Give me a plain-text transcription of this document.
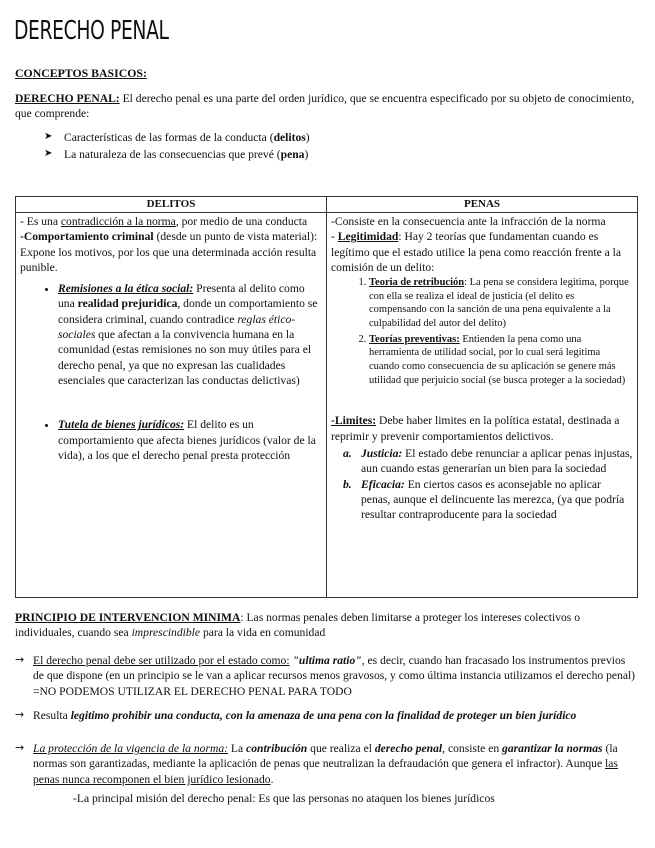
DERECHO PENAL
CONCEPTOS BASICOS:
DERECHO PENAL: El derecho penal es una parte del orden jurídico, que se encuentra especificado por su objeto de conocimiento, que comprende:
➤ Características de las formas de la conducta (delitos)
➤ La naturaleza de las consecuencias que prevé (pena)
DELITOS

- Es una contradicción a la norma, por medio de una conducta

-Comportamiento criminal (desde un punto de vista material): Expone los motivos, por los que una determinada acción resulta punible.

• Remisiones a la ética social: Presenta al delito como una realidad prejuridica, donde un comportamiento se considera criminal, cuando contradice reglas ético-sociales que afectan a la convivencia humana en la comunidad (estas remisiones no son muy útiles para el derecho penal, ya que no expresan las cualidades esenciales que caracterizan las conductas delictivas)
• Tutela de bienes jurídicos: El delito es un comportamiento que afecta bienes jurídicos (valor de la vida), a los que el derecho penal presta protección
PENAS

-Consiste en la consecuencia ante la infracción de la norma

- Legitimidad: Hay 2 teorías que fundamentan cuando es legítimo que el estado utilice la pena como reacción frente a la comisión de un delito:

1. Teoria de retribución: La pena se considera legitima, porque con ella se realiza el ideal de justicia (el delito es compensando con la sanción de una pena equivalente a la culpabilidad del autor del delito)
2. Teorías preventivas: Entienden la pena como una herramienta de utilidad social, por lo cual será legitima cuando como consecuencia de su aplicación se genere más utilidad que perjuicio social (se busca proteger a la sociedad)

-Limites: Debe haber limites en la política estatal, destinada a reprimir y prevenir comportamientos delictivos.

a. Justicia: El estado debe renunciar a aplicar penas injustas, aun cuando estas generarían un bien para la sociedad
b. Eficacia: En ciertos casos es aconsejable no aplicar penas, aunque el delincuente las merezca, (ya que podría resultar contraproducente para la sociedad
PRINCIPIO DE INTERVENCION MINIMA: Las normas penales deben limitarse a proteger los intereses colectivos o individuales, cuando sea imprescindible para la vida en comunidad
→ El derecho penal debe ser utilizado por el estado como: "ultima ratio", es decir, cuando han fracasado los instrumentos previos de que dispone (en un principio se le van a aplicar recursos menos gravosos, y como última instancia utilizamos el derecho penal) =NO PODEMOS UTILIZAR EL DERECHO PENAL PARA TODO
→ Resulta legitimo prohibir una conducta, con la amenaza de una pena con la finalidad de proteger un bien jurídico
→ La protección de la vigencia de la norma: La contribución que realiza el derecho penal, consiste en garantizar la normas (la normas son garantizadas, mediante la aplicación de penas que neutralizan la defraudación que genera el infractor). Aunque las penas nunca recomponen el bien jurídico lesionado.
-La principal misión del derecho penal: Es que las personas no ataquen los bienes jurídicos
